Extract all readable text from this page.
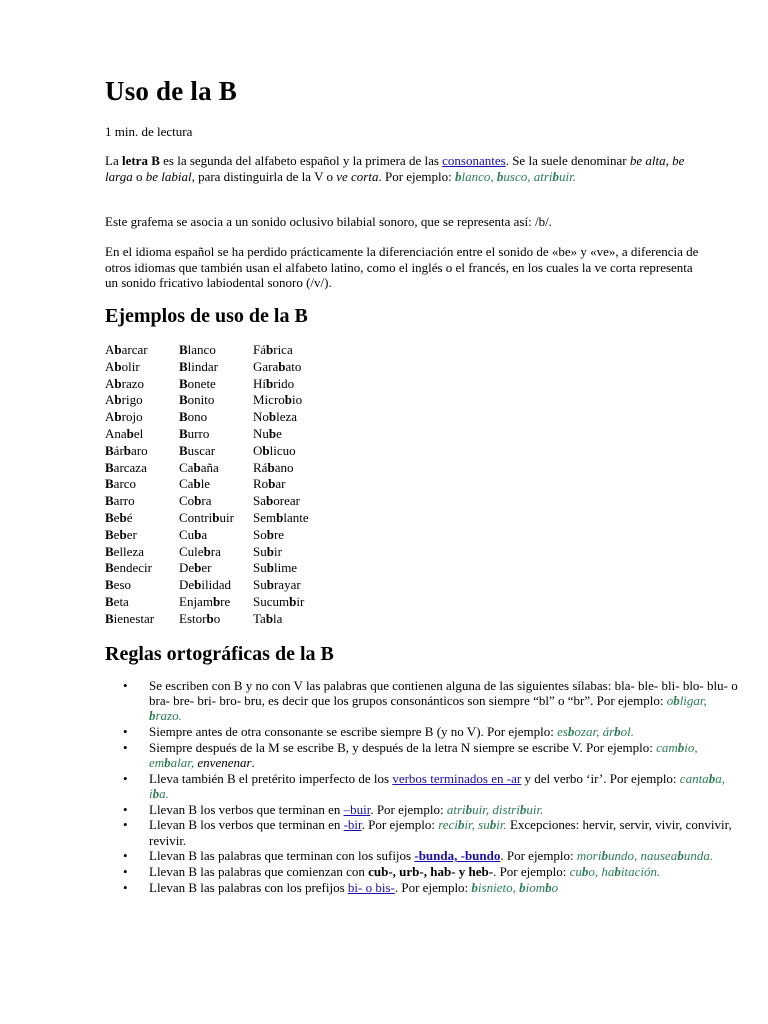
Uso de la B
1 min. de lectura
La letra B es la segunda del alfabeto español y la primera de las consonantes. Se la suele denominar be alta, be larga o be labial, para distinguirla de la V o ve corta. Por ejemplo: blanco, busco, atribuir.
Este grafema se asocia a un sonido oclusivo bilabial sonoro, que se representa así: /b/.
En el idioma español se ha perdido prácticamente la diferenciación entre el sonido de «be» y «ve», a diferencia de otros idiomas que también usan el alfabeto latino, como el inglés o el francés, en los cuales la ve corta representa un sonido fricativo labiodental sonoro (/v/).
Ejemplos de uso de la B
Abarcar
Abolir
Abrazo
Abrigo
Abrojo
Anabel
Bárbaro
Barcaza
Barco
Barro
Bebé
Beber
Belleza
Bendecir
Beso
Beta
Bienestar
Blanco
Blindar
Bonete
Bonito
Bono
Burro
Buscar
Cabaña
Cable
Cobra
Contribuir
Cuba
Culebra
Deber
Debilidad
Enjambre
Estorbo
Fábrica
Garabato
Híbrido
Microbio
Nobleza
Nube
Oblicuo
Rábano
Robar
Saborear
Semblante
Sobre
Subir
Sublime
Subrayar
Sucumbir
Tabla
Reglas ortográficas de la B
• Se escriben con B y no con V las palabras que contienen alguna de las siguientes sílabas: bla- ble- bli- blo- blu- o bra- bre- bri- bro- bru, es decir que los grupos consonánticos son siempre “bl” o “br”. Por ejemplo: obligar, brazo.
• Siempre antes de otra consonante se escribe siempre B (y no V). Por ejemplo: esbozar, árbol.
• Siempre después de la M se escribe B, y después de la letra N siempre se escribe V. Por ejemplo: cambio, embalar, envenenar.
• Lleva también B el pretérito imperfecto de los verbos terminados en -ar y del verbo ‘ir’. Por ejemplo: cantaba, iba.
• Llevan B los verbos que terminan en –buir. Por ejemplo: atribuir, distribuir.
• Llevan B los verbos que terminan en -bir. Por ejemplo: recibir, subir. Excepciones: hervir, servir, vivir, convivir, revivir.
• Llevan B las palabras que terminan con los sufijos -bunda, -bundo. Por ejemplo: moribundo, nauseabunda.
• Llevan B las palabras que comienzan con cub-, urb-, hab- y heb-. Por ejemplo: cubo, habitación.
• Llevan B las palabras con los prefijos bi- o bis-. Por ejemplo: bisnieto, biombo
